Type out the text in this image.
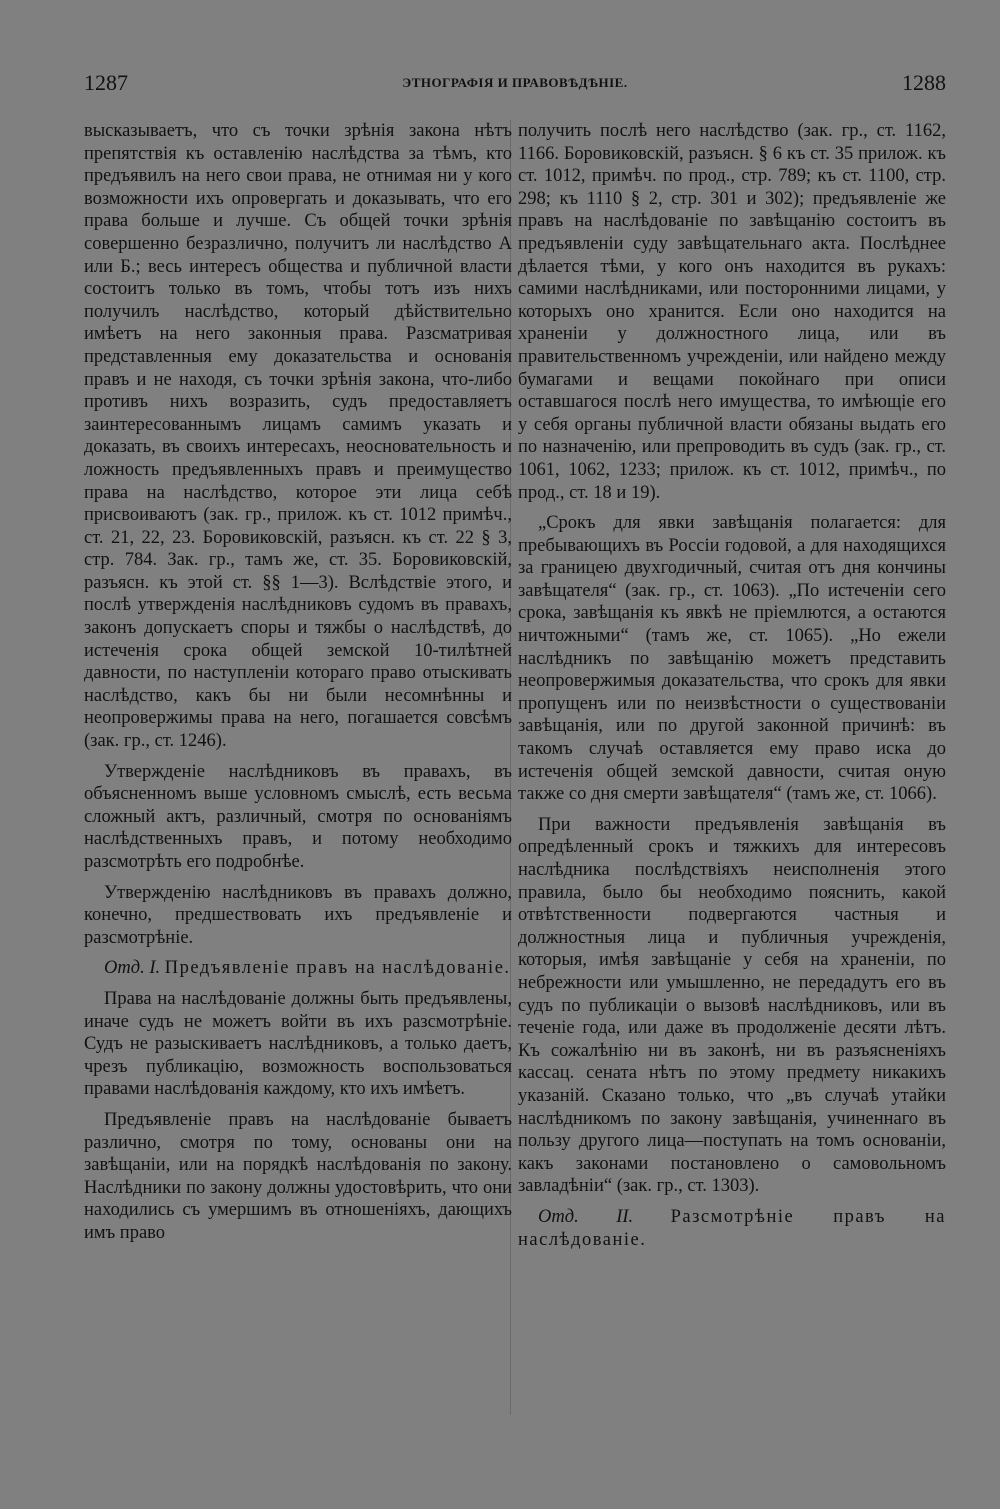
1287	ЭТНОГРАФІЯ И ПРАВОВѢДѢНІЕ.	1288

высказываетъ, что съ точки зрѣнія закона нѣтъ препятствія къ оставленію наслѣдства за тѣмъ, кто предъявилъ на него свои права, не отнимая ни у кого возможности ихъ опровергать и доказывать, что его права больше и лучше. Съ общей точки зрѣнія совершенно безразлично, получитъ ли наслѣдство А или Б.; весь интересъ общества и публичной власти состоитъ только въ томъ, чтобы тотъ изъ нихъ получилъ наслѣдство, который дѣйствительно имѣетъ на него законныя права. Разсматривая представленныя ему доказательства и основанія правъ и не находя, съ точки зрѣнія закона, что-либо противъ нихъ возразить, судъ предоставляетъ заинтересованнымъ лицамъ самимъ указать и доказать, въ своихъ интересахъ, неосновательность и ложность предъявленныхъ правъ и преимущество права на наслѣдство, которое эти лица себѣ присвоиваютъ (зак. гр., прилож. къ ст. 1012 примѣч., ст. 21, 22, 23. Боровиковскій, разъясн. къ ст. 22 § 3, стр. 784. Зак. гр., тамъ же, ст. 35. Боровиковскій, разъясн. къ этой ст. §§ 1—3). Вслѣдствіе этого, и послѣ утвержденія наслѣдниковъ судомъ въ правахъ, законъ допускаетъ споры и тяжбы о наслѣдствѣ, до истеченія срока общей земской 10-тилѣтней давности, по наступленіи котораго право отыскивать наслѣдство, какъ бы ни были несомнѣнны и неопровержимы права на него, погашается совсѣмъ (зак. гр., ст. 1246).

Утвержденіе наслѣдниковъ въ правахъ, въ объясненномъ выше условномъ смыслѣ, есть весьма сложный актъ, различный, смотря по основаніямъ наслѣдственныхъ правъ, и потому необходимо разсмотрѣть его подробнѣе.

Утвержденію наслѣдниковъ въ правахъ должно, конечно, предшествовать ихъ предъявленіе и разсмотрѣніе.

Отд. I. Предъявленіе правъ на наслѣдованіе.

Права на наслѣдованіе должны быть предъявлены, иначе судъ не можетъ войти въ ихъ разсмотрѣніе. Судъ не разыскиваетъ наслѣдниковъ, а только даетъ, чрезъ публикацію, возможность воспользоваться правами наслѣдованія каждому, кто ихъ имѣетъ.

Предъявленіе правъ на наслѣдованіе бываетъ различно, смотря по тому, основаны они на завѣщаніи, или на порядкѣ наслѣдованія по закону. Наслѣдники по закону должны удостовѣрить, что они находились съ умершимъ въ отношеніяхъ, дающихъ имъ право

получить послѣ него наслѣдство (зак. гр., ст. 1162, 1166. Боровиковскій, разъясн. § 6 къ ст. 35 прилож. къ ст. 1012, примѣч. по прод., стр. 789; къ ст. 1100, стр. 298; къ 1110 § 2, стр. 301 и 302); предъявленіе же правъ на наслѣдованіе по завѣщанію состоитъ въ предъявленіи суду завѣщательнаго акта. Послѣднее дѣлается тѣми, у кого онъ находится въ рукахъ: самими наслѣдниками, или посторонними лицами, у которыхъ оно хранится. Если оно находится на храненіи у должностного лица, или въ правительственномъ учрежденіи, или найдено между бумагами и вещами покойнаго при описи оставшагося послѣ него имущества, то имѣющіе его у себя органы публичной власти обязаны выдать его по назначенію, или препроводить въ судъ (зак. гр., ст. 1061, 1062, 1233; прилож. къ ст. 1012, примѣч., по прод., ст. 18 и 19).

„Срокъ для явки завѣщанія полагается: для пребывающихъ въ Россіи годовой, а для находящихся за границею двухгодичный, считая отъ дня кончины завѣщателя“ (зак. гр., ст. 1063). „По истеченіи сего срока, завѣщанія къ явкѣ не пріемлются, а остаются ничтожными“ (тамъ же, ст. 1065). „Но ежели наслѣдникъ по завѣщанію можетъ представить неопровержимыя доказательства, что срокъ для явки пропущенъ или по неизвѣстности о существованіи завѣщанія, или по другой законной причинѣ: въ такомъ случаѣ оставляется ему право иска до истеченія общей земской давности, считая оную также со дня смерти завѣщателя“ (тамъ же, ст. 1066).

При важности предъявленія завѣщанія въ опредѣленный срокъ и тяжкихъ для интересовъ наслѣдника послѣдствіяхъ неисполненія этого правила, было бы необходимо пояснить, какой отвѣтственности подвергаются частныя и должностныя лица и публичныя учрежденія, которыя, имѣя завѣщаніе у себя на храненіи, по небрежности или умышленно, не передадутъ его въ судъ по публикаціи о вызовѣ наслѣдниковъ, или въ теченіе года, или даже въ продолженіе десяти лѣтъ. Къ сожалѣнію ни въ законѣ, ни въ разъясненіяхъ кассац. сената нѣтъ по этому предмету никакихъ указаній. Сказано только, что „въ случаѣ утайки наслѣдникомъ по закону завѣщанія, учиненнаго въ пользу другого лица—поступать на томъ основаніи, какъ законами постановлено о самовольномъ завладѣніи“ (зак. гр., ст. 1303).

Отд. II. Разсмотрѣніе правъ на наслѣдованіе.
